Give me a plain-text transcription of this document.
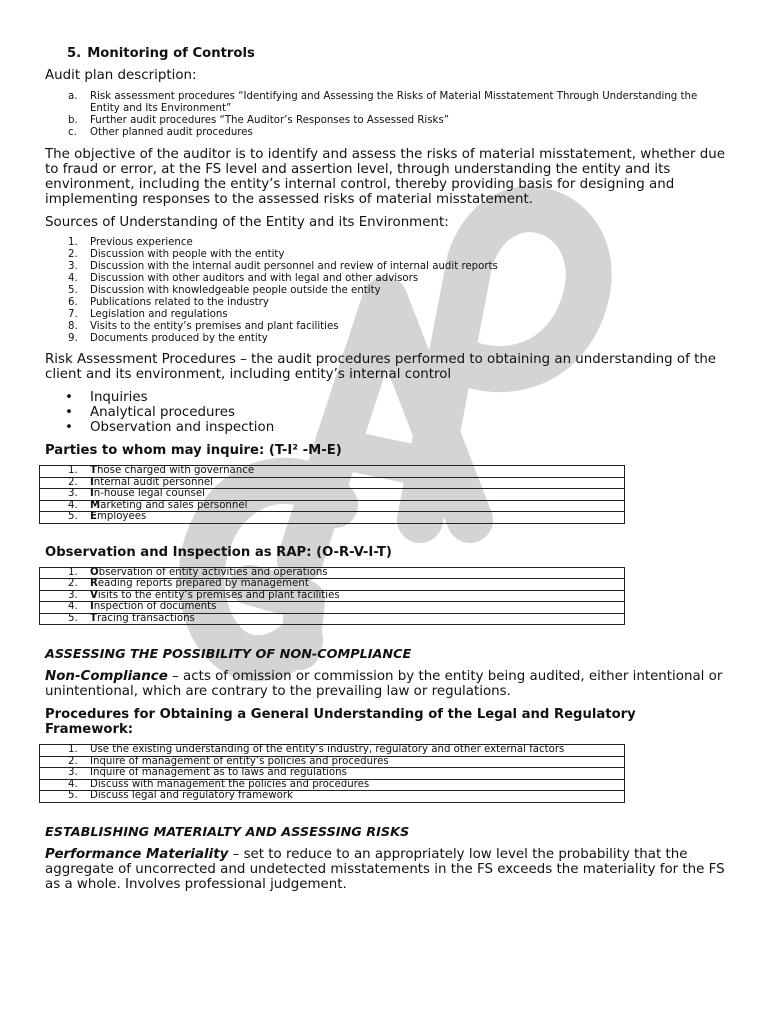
5. Monitoring of Controls

Audit plan description:

a.	Risk assessment procedures “Identifying and Assessing the Risks of Material Misstatement Through Understanding the Entity and Its Environment”
b.	Further audit procedures “The Auditor’s Responses to Assessed Risks”
c.	Other planned audit procedures

The objective of the auditor is to identify and assess the risks of material misstatement, whether due to fraud or error, at the FS level and assertion level, through understanding the entity and its environment, including the entity’s internal control, thereby providing basis for designing and implementing responses to the assessed risks of material misstatement.

Sources of Understanding of the Entity and its Environment:

1.	Previous experience
2.	Discussion with people with the entity
3.	Discussion with the internal audit personnel and review of internal audit reports
4.	Discussion with other auditors and with legal and other advisors
5.	Discussion with knowledgeable people outside the entity
6.	Publications related to the industry
7.	Legislation and regulations
8.	Visits to the entity’s premises and plant facilities
9.	Documents produced by the entity

Risk Assessment Procedures – the audit procedures performed to obtaining an understanding of the client and its environment, including entity’s internal control

•	Inquiries
•	Analytical procedures
•	Observation and inspection

Parties to whom may inquire: (T-I² -M-E)

1. Those charged with governance
2. Internal audit personnel
3. In-house legal counsel
4. Marketing and sales personnel
5. Employees

Observation and Inspection as RAP: (O-R-V-I-T)

1. Observation of entity activities and operations
2. Reading reports prepared by management
3. Visits to the entity’s premises and plant facilities
4. Inspection of documents
5. Tracing transactions

ASSESSING THE POSSIBILITY OF NON-COMPLIANCE

Non-Compliance – acts of omission or commission by the entity being audited, either intentional or unintentional, which are contrary to the prevailing law or regulations.

Procedures for Obtaining a General Understanding of the Legal and Regulatory Framework:

1. Use the existing understanding of the entity’s industry, regulatory and other external factors
2. Inquire of management of entity’s policies and procedures
3. Inquire of management as to laws and regulations
4. Discuss with management the policies and procedures
5. Discuss legal and regulatory framework

ESTABLISHING MATERIALTY AND ASSESSING RISKS

Performance Materiality – set to reduce to an appropriately low level the probability that the aggregate of uncorrected and undetected misstatements in the FS exceeds the materiality for the FS as a whole. Involves professional judgement.
